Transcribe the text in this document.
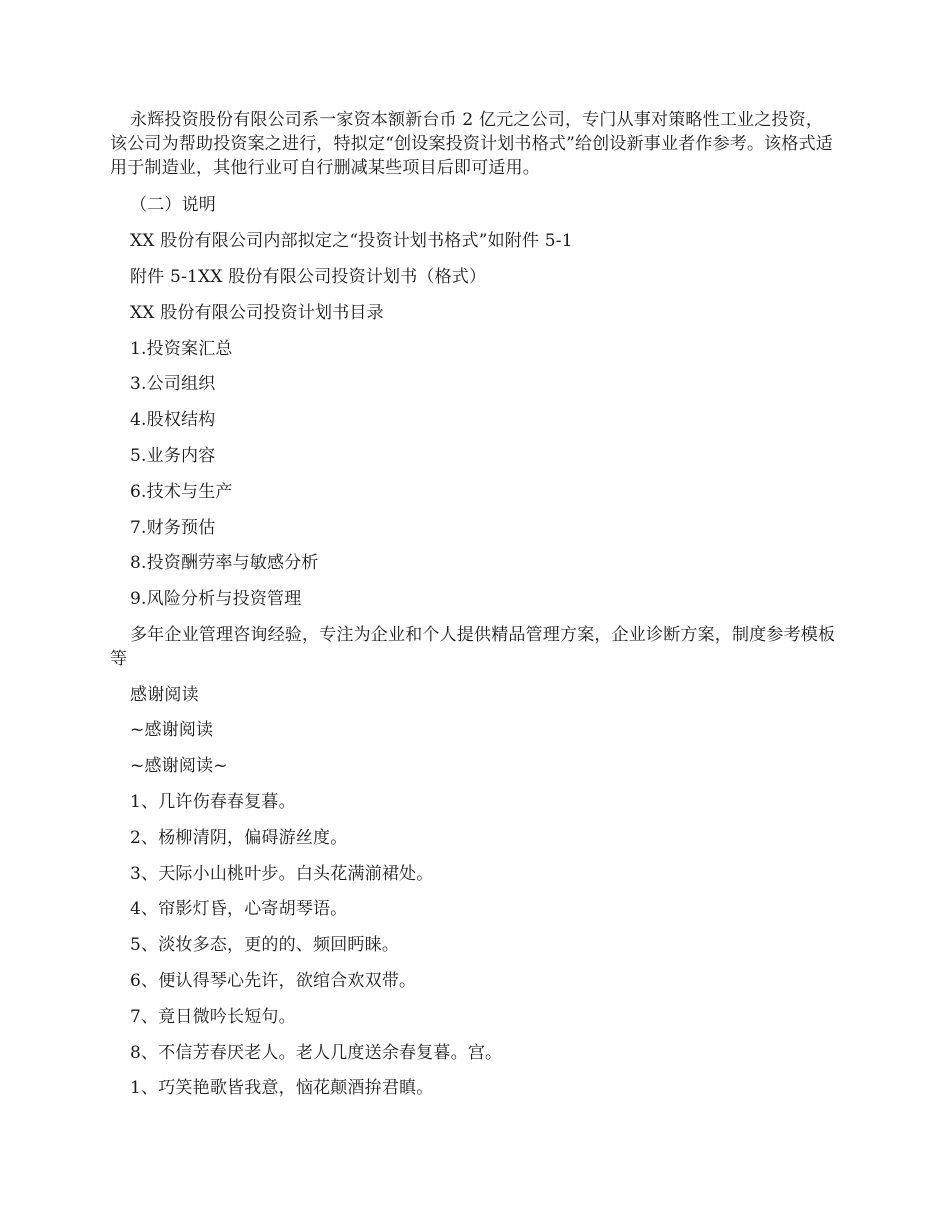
永辉投资股份有限公司系一家资本额新台币 2 亿元之公司，专门从事对策略性工业之投资，该公司为帮助投资案之进行，特拟定“创设案投资计划书格式”给创设新事业者作参考。该格式适用于制造业，其他行业可自行删减某些项目后即可适用。

（二）说明

XX 股份有限公司内部拟定之“投资计划书格式”如附件 5-1

附件 5-1XX 股份有限公司投资计划书（格式）

XX 股份有限公司投资计划书目录

1.投资案汇总

3.公司组织

4.股权结构

5.业务内容

6.技术与生产

7.财务预估

8.投资酬劳率与敏感分析

9.风险分析与投资管理

多年企业管理咨询经验，专注为企业和个人提供精品管理方案，企业诊断方案，制度参考模板等

感谢阅读

~感谢阅读

~感谢阅读~

1、几许伤春春复暮。

2、杨柳清阴，偏碍游丝度。

3、天际小山桃叶步。白头花满湔裙处。

4、帘影灯昏，心寄胡琴语。

5、淡妆多态，更的的、频回眄睐。

6、便认得琴心先许，欲绾合欢双带。

7、竟日微吟长短句。

8、不信芳春厌老人。老人几度送余春复暮。宫。

1、巧笑艳歌皆我意，恼花颠酒拚君瞋。
